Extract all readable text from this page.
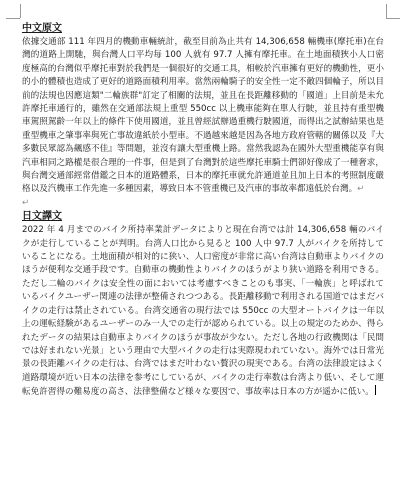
中文原文

依據交通部 111 年四月的機動車輛統計，截至目前為止共有 14,306,658 輛機車(摩托車)在台灣的道路上開馳，與台灣人口平均每 100 人就有 97.7 人擁有摩托車。在土地面積狹小人口密度極高的台灣似乎摩托車對於我們是一個很好的交通工具，相較於汽車擁有更好的機動性，更小的小的體積也造成了更好的道路面積利用率。當然兩輪騎子的安全性一定不敵四個輪子，所以目前的法規也因應這類"二輪族群"訂定了相關的法規，並且在長距離移動的「國道」上目前是未允許摩托車通行的，雖然在交通部法規上重型 550cc 以上機車能夠在單人行駛，並且持有重型機車駕照駕齡一年以上的條件下使用國道，並且曾經試辦過重機行駛國道，而得出之試辦結果也是重型機車之肇事率與死亡事故違紙於小型車。不過越來越是因為各地方政府管轄的關係以及『大多數民眾認為飆感不佳』等問題，並沒有讓大型重機上路。當然我認為在國外大型重機能享有與汽車相同之路權是很合理的一件事，但是到了台灣對於這些摩托車騎士們卻好像成了一種奢求，與台灣交通部經常借鑑之日本的道路體系，日本的摩托車就允許通道並且加上日本的考照制度嚴格以及汽機車工作先進一多種因素，導致日本不管重機已及汽車的事故率都遠低於台灣。↵

↵

日文譯文

2022 年 4 月までのバイク所持率業計データによりと現在台湾では計 14,306,658 輛のバイクが走行していることが判明。台湾人口比から見ると 100 人中 97.7 人がバイクを所持していることになる。土地面積が相対的に狭い、人口密度が非常に高い台湾は自動車よりバイクのほうが便利な交通手段です。自動車の機動性よりバイクのほうがより狭い道路を利用できる。ただし二輪のバイクは安全性の面においては考慮すべきことのも事実、「一輪族」と呼ばれているバイクユーザー関連の法律が整備されつつある。長距離移動で利用される国道ではまだバイクの走行は禁止されている。台湾交通省の現行法では 550cc の大型オートバイクは一年以上の運転経験があるユーザーのみ一人での走行が認められている。以上の規定のためか、得られたデータの結果は自動車よりバイクのほうが事故が少ない。ただし各地の行政機関は「民間では好まれない光景」という理由で大型バイクの走行は実際現われていない。海外では日常光景の長距離バイクの走行は、台湾ではまだ叶わない贅沢の現実である。台湾の法律設定はよく道路環境が近い日本の法律を参考にしているが、バイクの走行率数は台湾より低い、そして運転免許習得の難易度の高さ、法律整備など様々な要因で、事故率は日本の方が遥かに低い。
